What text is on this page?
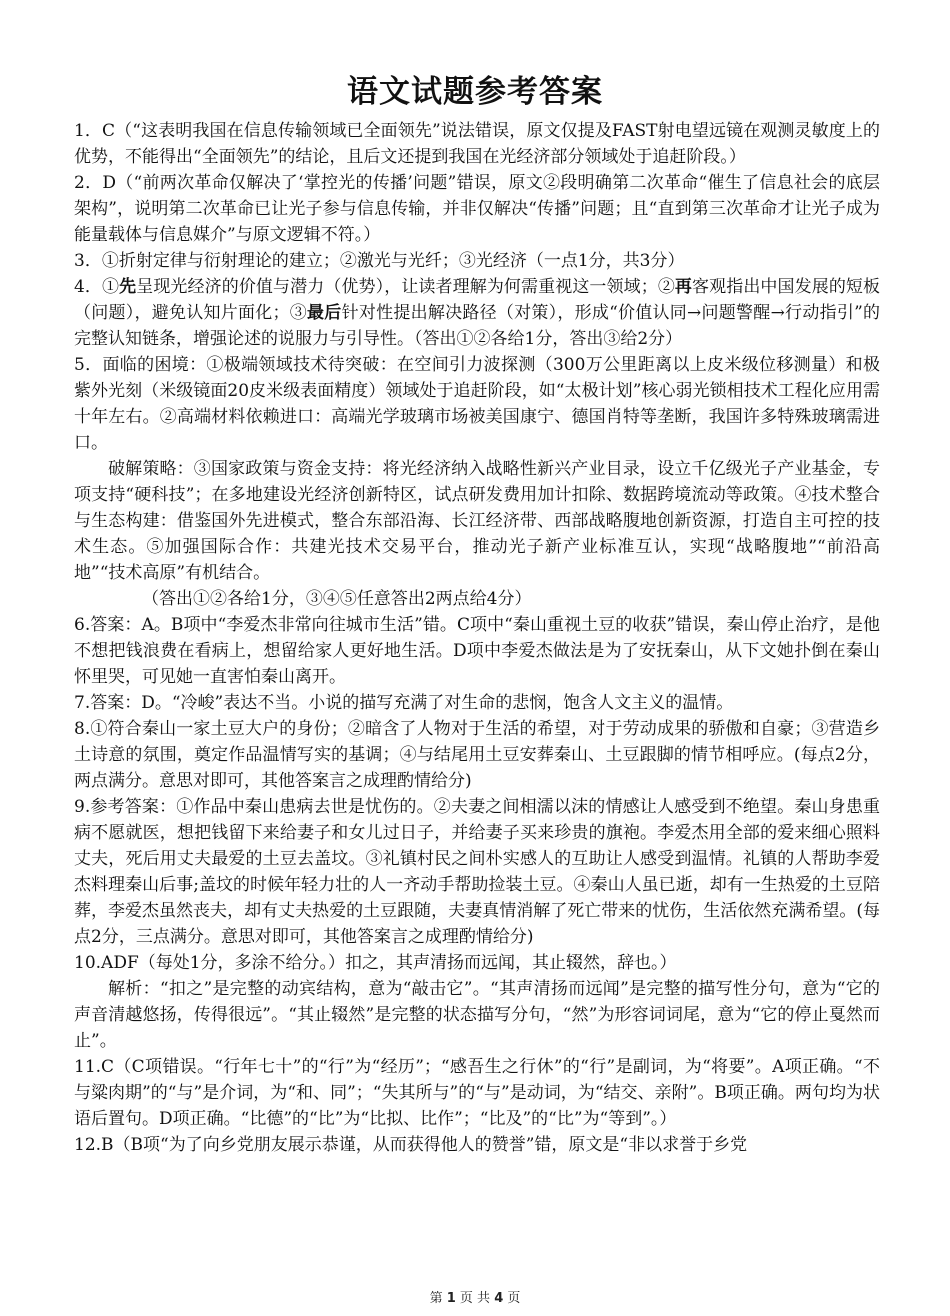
语文试题参考答案

1．C（“这表明我国在信息传输领域已全面领先”说法错误，原文仅提及FAST射电望远镜在观测灵敏度上的优势，不能得出“全面领先”的结论，且后文还提到我国在光经济部分领域处于追赶阶段。）

2．D（“前两次革命仅解决了‘掌控光的传播’问题”错误，原文②段明确第二次革命“催生了信息社会的底层架构”，说明第二次革命已让光子参与信息传输，并非仅解决“传播”问题；且“直到第三次革命才让光子成为能量载体与信息媒介”与原文逻辑不符。）

3．①折射定律与衍射理论的建立；②激光与光纤；③光经济（一点1分，共3分）

4．①先呈现光经济的价值与潜力（优势），让读者理解为何需重视这一领域；②再客观指出中国发展的短板（问题），避免认知片面化；③最后针对性提出解决路径（对策），形成“价值认同→问题警醒→行动指引”的完整认知链条，增强论述的说服力与引导性。（答出①②各给1分，答出③给2分）

5．面临的困境：①极端领域技术待突破：在空间引力波探测（300万公里距离以上皮米级位移测量）和极紫外光刻（米级镜面20皮米级表面精度）领域处于追赶阶段，如“太极计划”核心弱光锁相技术工程化应用需十年左右。②高端材料依赖进口：高端光学玻璃市场被美国康宁、德国肖特等垄断，我国许多特殊玻璃需进口。

破解策略：③国家政策与资金支持：将光经济纳入战略性新兴产业目录，设立千亿级光子产业基金，专项支持“硬科技”；在多地建设光经济创新特区，试点研发费用加计扣除、数据跨境流动等政策。④技术整合与生态构建：借鉴国外先进模式，整合东部沿海、长江经济带、西部战略腹地创新资源，打造自主可控的技术生态。⑤加强国际合作：共建光技术交易平台，推动光子新产业标准互认，实现“战略腹地”“前沿高地”“技术高原”有机结合。

（答出①②各给1分，③④⑤任意答出2两点给4分）

6.答案：A。B项中“李爱杰非常向往城市生活”错。C项中“秦山重视土豆的收获”错误，秦山停止治疗，是他不想把钱浪费在看病上，想留给家人更好地生活。D项中李爱杰做法是为了安抚秦山，从下文她扑倒在秦山怀里哭，可见她一直害怕秦山离开。

7.答案：D。“冷峻”表达不当。小说的描写充满了对生命的悲悯，饱含人文主义的温情。

8.①符合秦山一家土豆大户的身份；②暗含了人物对于生活的希望，对于劳动成果的骄傲和自豪；③营造乡土诗意的氛围，奠定作品温情写实的基调；④与结尾用土豆安葬秦山、土豆跟脚的情节相呼应。(每点2分，两点满分。意思对即可，其他答案言之成理酌情给分)

9.参考答案：①作品中秦山患病去世是忧伤的。②夫妻之间相濡以沫的情感让人感受到不绝望。秦山身患重病不愿就医，想把钱留下来给妻子和女儿过日子，并给妻子买来珍贵的旗袍。李爱杰用全部的爱来细心照料丈夫，死后用丈夫最爱的土豆去盖坟。③礼镇村民之间朴实感人的互助让人感受到温情。礼镇的人帮助李爱杰料理秦山后事;盖坟的时候年轻力壮的人一齐动手帮助捡装土豆。④秦山人虽已逝，却有一生热爱的土豆陪葬，李爱杰虽然丧夫，却有丈夫热爱的土豆跟随，夫妻真情消解了死亡带来的忧伤，生活依然充满希望。(每点2分，三点满分。意思对即可，其他答案言之成理酌情给分)

10.ADF（每处1分，多涂不给分。）扣之，其声清扬而远闻，其止辍然，辞也。）

解析：“扣之”是完整的动宾结构，意为“敲击它”。“其声清扬而远闻”是完整的描写性分句，意为“它的声音清越悠扬，传得很远”。“其止辍然”是完整的状态描写分句，“然”为形容词词尾，意为“它的停止戛然而止”。

11.C（C项错误。“行年七十”的“行”为“经历”；“感吾生之行休”的“行”是副词，为“将要”。A项正确。“不与粱肉期”的“与”是介词，为“和、同”；“失其所与”的“与”是动词，为“结交、亲附”。B项正确。两句均为状语后置句。D项正确。“比德”的“比”为“比拟、比作”；“比及”的“比”为“等到”。）

12.B（B项“为了向乡党朋友展示恭谨，从而获得他人的赞誉”错，原文是“非以求誉于乡党

第 1 页 共 4 页
